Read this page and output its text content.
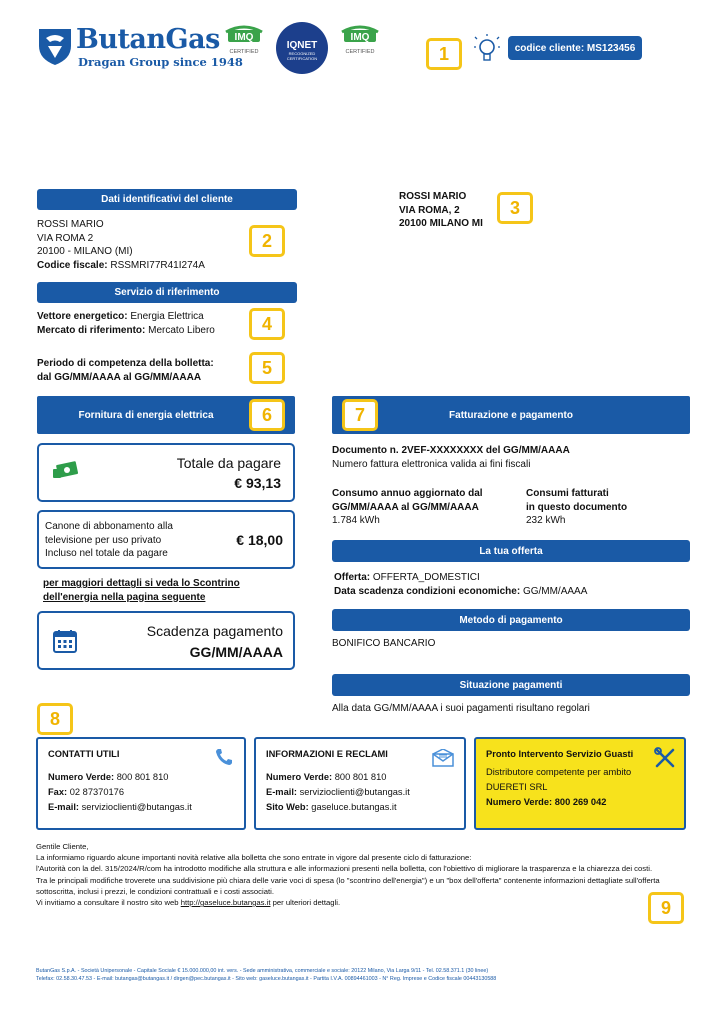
ButanGas
Dragan Group since 1948
IMQ
CERTIFIED
IQNET
RECOGNIZED CERTIFICATION
IMQ
CERTIFIED	1	codice cliente: MS123456
Dati identificativi del cliente
ROSSI MARIO
VIA ROMA 2
20100 - MILANO (MI)
Codice fiscale: RSSMRI77R41I274A
2
ROSSI MARIO
VIA ROMA, 2
20100 MILANO MI
3
Servizio di riferimento
Vettore energetico: Energia Elettrica
Mercato di riferimento: Mercato Libero	4
Periodo di competenza della bolletta:
dal GG/MM/AAAA al GG/MM/AAAA	5
Fornitura di energia elettrica	6
Totale da pagare
€ 93,13
Canone di abbonamento alla
televisione per uso privato
Incluso nel totale da pagare
€ 18,00
per maggiori dettagli si veda lo Scontrino
dell'energia nella pagina seguente
Scadenza pagamento
GG/MM/AAAA
Fatturazione e pagamento
7
Documento n. 2VEF-XXXXXXXX del GG/MM/AAAA
Numero fattura elettronica valida ai fini fiscali
Consumo annuo aggiornato dal
GG/MM/AAAA al GG/MM/AAAA
1.784 kWh
Consumi fatturati
in questo documento
232 kWh
La tua offerta
Offerta: OFFERTA_DOMESTICI
Data scadenza condizioni economiche: GG/MM/AAAA
Metodo di pagamento
BONIFICO BANCARIO
Situazione pagamenti
Alla data GG/MM/AAAA i suoi pagamenti risultano regolari
8
CONTATTI UTILI
Numero Verde: 800 801 810
Fax: 02 87370176
E-mail: servizioclienti@butangas.it
INFORMAZIONI E RECLAMI
Numero Verde: 800 801 810
E-mail: servizioclienti@butangas.it
Sito Web: gaseluce.butangas.it
Pronto Intervento Servizio Guasti
Distributore competente per ambito
DUERETI SRL
Numero Verde: 800 269 042
Gentile Cliente,
La informiamo riguardo alcune importanti novità relative alla bolletta che sono entrate in vigore dal presente ciclo di fatturazione:
l'Autorità con la del. 315/2024/R/com ha introdotto modifiche alla struttura e alle informazioni presenti nella bolletta, con l'obiettivo di migliorare la trasparenza e la chiarezza dei costi.
Tra le principali modifiche troverete una suddivisione più chiara delle varie voci di spesa (lo "scontrino dell'energia") e un "box dell'offerta" contenente informazioni dettagliate sull'offerta
sottoscritta, inclusi i prezzi, le condizioni contrattuali e i costi associati.
Vi invitiamo a consultare il nostro sito web http://gaseluce.butangas.it per ulteriori dettagli.	9
ButanGas S.p.A. - Società Unipersonale - Capitale Sociale € 15.000.000,00 int. vers. - Sede amministrativa, commerciale e sociale: 20122 Milano, Via Larga 9/11 - Tel. 02.58.371.1 (30 linee)
Telefax: 02.58.30.47.53 - E-mail: butangas@butangas.it / dirgen@pec.butangas.it - Sito web: gaseluce.butangas.it - Partita I.V.A. 00894461003 - N° Reg. Imprese e Codice fiscale 00443130588
